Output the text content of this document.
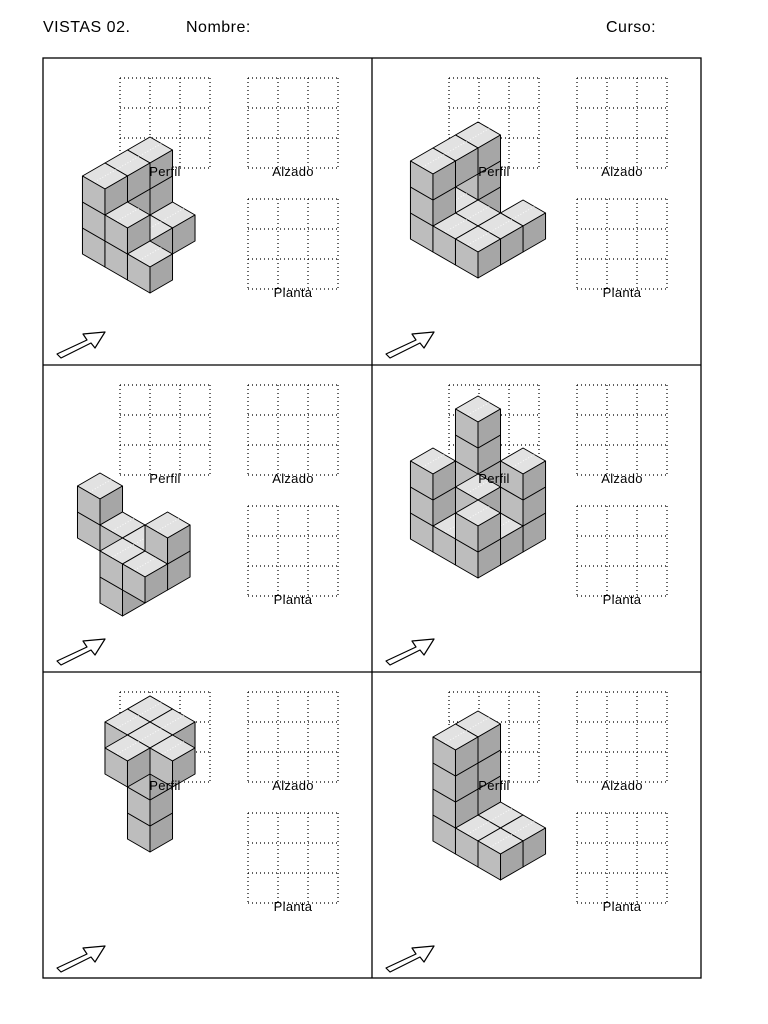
VISTAS 02.	Nombre:	Curso:
Perfil	Alzado
Planta
Perfil	Alzado
Planta
Perfil	Alzado
Planta
Perfil	Alzado
Planta
Perfil	Alzado
Planta
Perfil	Alzado
Planta
